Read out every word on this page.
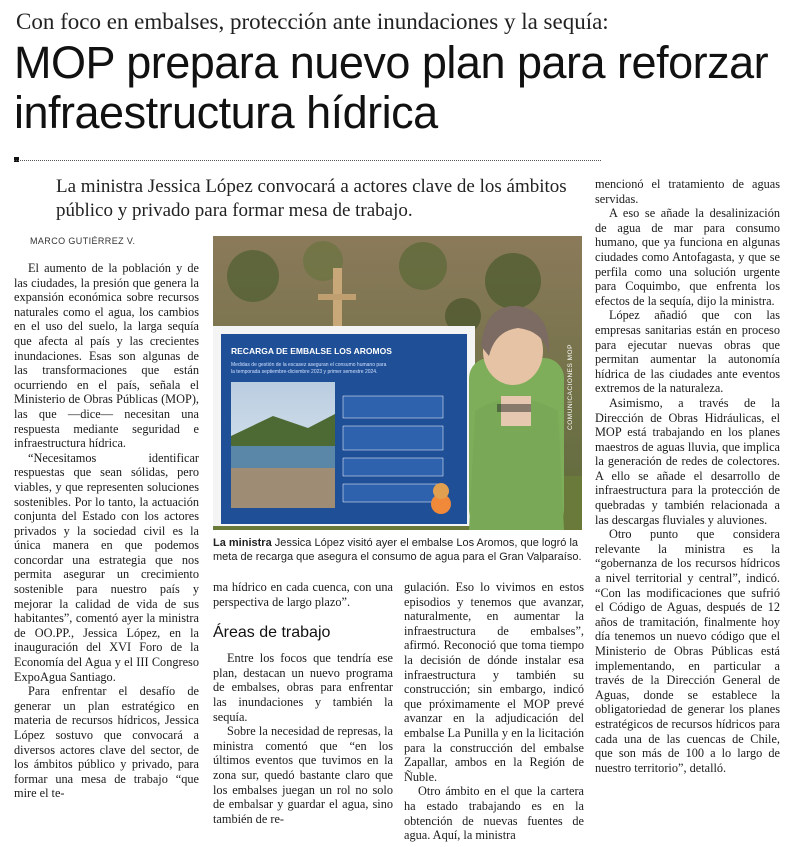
Con foco en embalses, protección ante inundaciones y la sequía:
MOP prepara nuevo plan para reforzar infraestructura hídrica
La ministra Jessica López convocará a actores clave de los ámbitos público y privado para formar mesa de trabajo.
MARCO GUTIÉRREZ V.

El aumento de la población y de las ciudades, la presión que genera la expansión económica sobre recursos naturales como el agua, los cambios en el uso del suelo, la larga sequía que afecta al país y las crecientes inundaciones. Esas son algunas de las transformaciones que están ocurriendo en el país, señala el Ministerio de Obras Públicas (MOP), las que —dice— necesitan una respuesta mediante seguridad e infraestructura hídrica.

“Necesitamos identificar respuestas que sean sólidas, pero viables, y que representen soluciones sostenibles. Por lo tanto, la actuación conjunta del Estado con los actores privados y la sociedad civil es la única manera en que podemos concordar una estrategia que nos permita asegurar un crecimiento sostenible para nuestro país y mejorar la calidad de vida de sus habitantes”, comentó ayer la ministra de OO.PP., Jessica López, en la inauguración del XVI Foro de la Economía del Agua y el III Congreso ExpoAgua Santiago.

Para enfrentar el desafío de generar un plan estratégico en materia de recursos hídricos, Jessica López sostuvo que convocará a diversos actores clave del sector, de los ámbitos público y privado, para formar una mesa de trabajo “que mire el te-

RECARGA DE EMBALSE LOS AROMOS
Medidas de gestión de la escasez aseguran el consumo humano para
la temporada septiembre-diciembre 2023 y primer semestre 2024.	COMUNICACIONES MOP
La ministra Jessica López visitó ayer el embalse Los Aromos, que logró la meta de recarga que asegura el consumo de agua para el Gran Valparaíso.

ma hídrico en cada cuenca, con una perspectiva de largo plazo”.

Áreas de trabajo

Entre los focos que tendría ese plan, destacan un nuevo programa de embalses, obras para enfrentar las inundaciones y también la sequía.

Sobre la necesidad de represas, la ministra comentó que “en los últimos eventos que tuvimos en la zona sur, quedó bastante claro que los embalses juegan un rol no solo de embalsar y guardar el agua, sino también de re-

gulación. Eso lo vivimos en estos episodios y tenemos que avanzar, naturalmente, en aumentar la infraestructura de embalses”, afirmó. Reconoció que toma tiempo la decisión de dónde instalar esa infraestructura y también su construcción; sin embargo, indicó que próximamente el MOP prevé avanzar en la adjudicación del embalse La Punilla y en la licitación para la construcción del embalse Zapallar, ambos en la Región de Ñuble.

Otro ámbito en el que la cartera ha estado trabajando es en la obtención de nuevas fuentes de agua. Aquí, la ministra

mencionó el tratamiento de aguas servidas.

A eso se añade la desalinización de agua de mar para consumo humano, que ya funciona en algunas ciudades como Antofagasta, y que se perfila como una solución urgente para Coquimbo, que enfrenta los efectos de la sequía, dijo la ministra.

López añadió que con las empresas sanitarias están en proceso para ejecutar nuevas obras que permitan aumentar la autonomía hídrica de las ciudades ante eventos extremos de la naturaleza.

Asimismo, a través de la Dirección de Obras Hidráulicas, el MOP está trabajando en los planes maestros de aguas lluvia, que implica la generación de redes de colectores. A ello se añade el desarrollo de infraestructura para la protección de quebradas y también relacionada a las descargas fluviales y aluviones.

Otro punto que considera relevante la ministra es la “gobernanza de los recursos hídricos a nivel territorial y central”, indicó. “Con las modificaciones que sufrió el Código de Aguas, después de 12 años de tramitación, finalmente hoy día tenemos un nuevo código que el Ministerio de Obras Públicas está implementando, en particular a través de la Dirección General de Aguas, donde se establece la obligatoriedad de generar los planes estratégicos de recursos hídricos para cada una de las cuencas de Chile, que son más de 100 a lo largo de nuestro territorio”, detalló.
